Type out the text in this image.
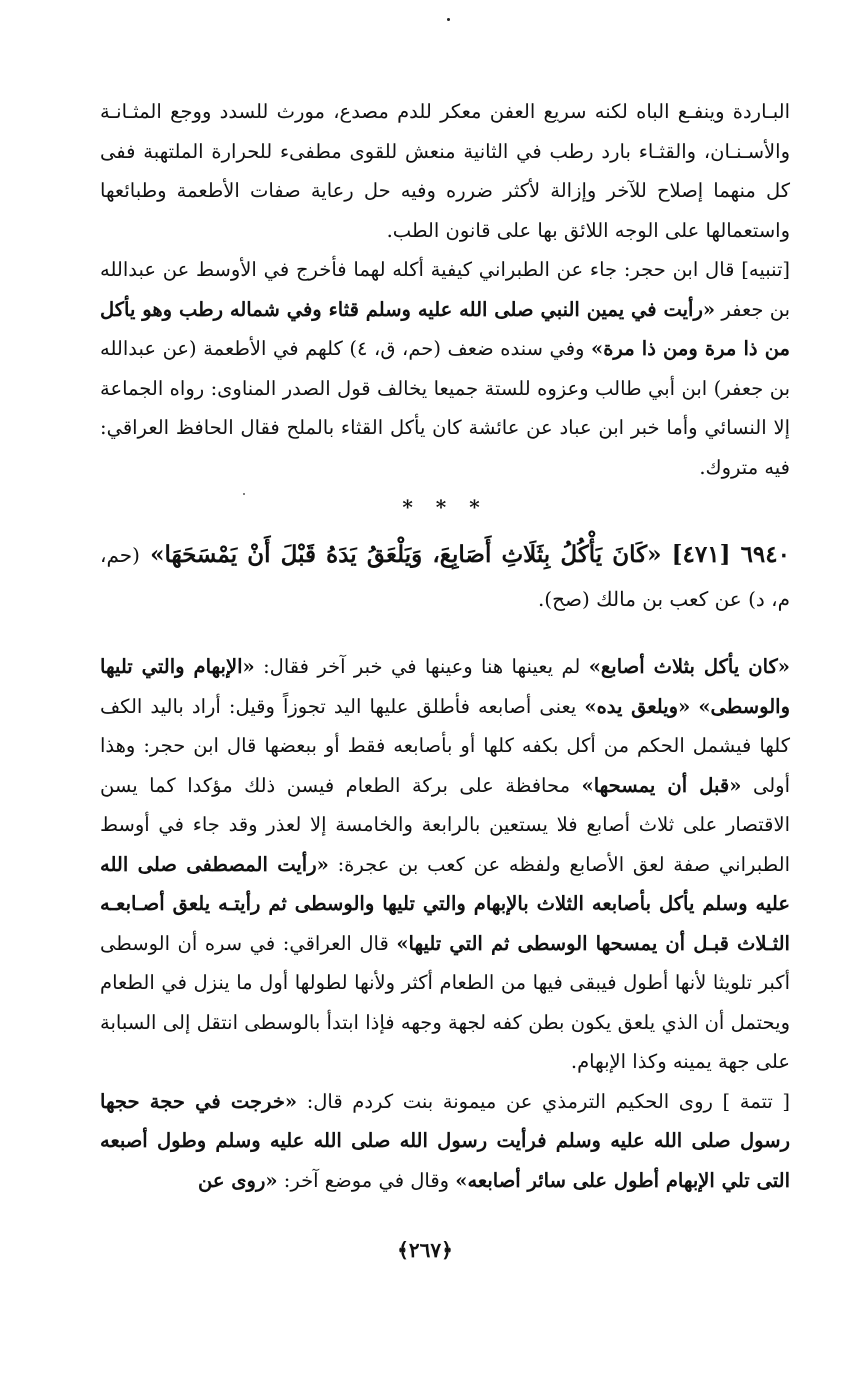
البـاردة وينفـع الباه لكنه سريع العفن معكر للدم مصدع، مورث للسدد ووجع المثـانـة والأسـنـان، والقثـاء بارد رطب في الثانية منعش للقوى مطفىء للحرارة الملتهبة ففى كل منهما إصلاح للآخر وإزالة لأكثر ضرره وفيه حل رعاية صفات الأطعمة وطبائعها واستعمالها على الوجه اللائق بها على قانون الطب.

[تنبيه] قال ابن حجر: جاء عن الطبراني كيفية أكله لهما فأخرج في الأوسط عن عبدالله بن جعفر «رأيت في يمين النبي صلى الله عليه وسلم قثاء وفي شماله رطب وهو يأكل من ذا مرة ومن ذا مرة» وفي سنده ضعف (حم، ق، ٤) كلهم في الأطعمة (عن عبدالله بن جعفر) ابن أبي طالب وعزوه للستة جميعا يخالف قول الصدر المناوى: رواه الجماعة إلا النسائي وأما خبر ابن عباد عن عائشة كان يأكل القثاء بالملح فقال الحافظ العراقي: فيه متروك.

* * *

٦٩٤٠ [٤٧١] «كَانَ يَأْكُلُ بِثَلَاثِ أَصَابِعَ، وَيَلْعَقُ يَدَهُ قَبْلَ أَنْ يَمْسَحَهَا» (حم، م، د) عن كعب بن مالك (صح).

«كان يأكل بثلاث أصابع» لم يعينها هنا وعينها في خبر آخر فقال: «الإبهام والتي تليها والوسطى» «ويلعق يده» يعنى أصابعه فأطلق عليها اليد تجوزاً وقيل: أراد باليد الكف كلها فيشمل الحكم من أكل بكفه كلها أو بأصابعه فقط أو ببعضها قال ابن حجر: وهذا أولى «قبل أن يمسحها» محافظة على بركة الطعام فيسن ذلك مؤكدا كما يسن الاقتصار على ثلاث أصابع فلا يستعين بالرابعة والخامسة إلا لعذر وقد جاء في أوسط الطبراني صفة لعق الأصابع ولفظه عن كعب بن عجرة: «رأيت المصطفى صلى الله عليه وسلم يأكل بأصابعه الثلاث بالإبهام والتي تليها والوسطى ثم رأيتـه يلعق أصـابعـه الثـلاث قبـل أن يمسحها الوسطى ثم التي تليها» قال العراقي: في سره أن الوسطى أكبر تلويثا لأنها أطول فيبقى فيها من الطعام أكثر ولأنها لطولها أول ما ينزل في الطعام ويحتمل أن الذي يلعق يكون بطن كفه لجهة وجهه فإذا ابتدأ بالوسطى انتقل إلى السبابة على جهة يمينه وكذا الإبهام.

[ تتمة ] روى الحكيم الترمذي عن ميمونة بنت كردم قال: «خرجت في حجة حجها رسول صلى الله عليه وسلم فرأيت رسول الله صلى الله عليه وسلم وطول أصبعه التى تلي الإبهام أطول على سائر أصابعه» وقال في موضع آخر: «روى عن

﴿٢٦٧﴾
